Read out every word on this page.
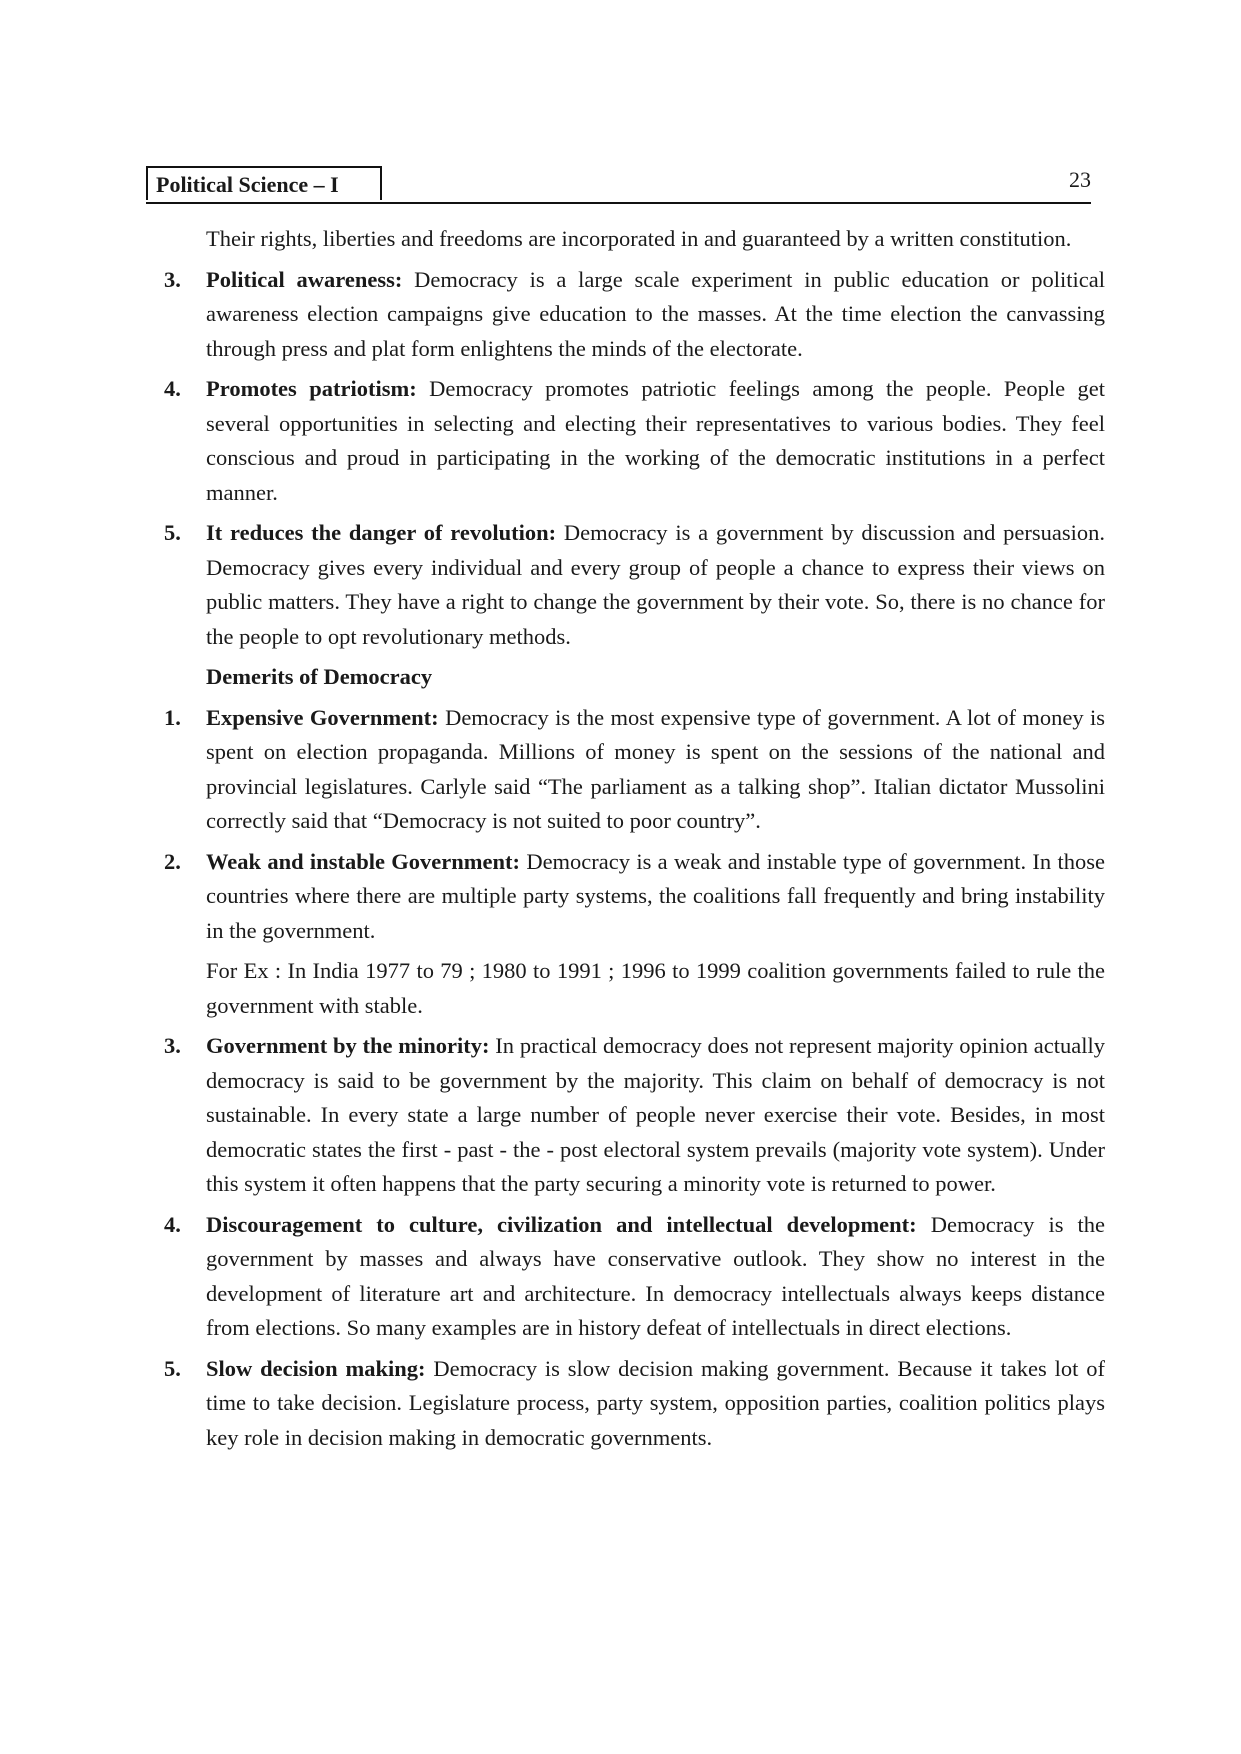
Political Science – I	23

Their rights, liberties and freedoms are incorporated in and guaranteed by a written constitution.

3. Political awareness: Democracy is a large scale experiment in public education or political awareness election campaigns give education to the masses. At the time election the canvassing through press and plat form enlightens the minds of the electorate.
4. Promotes patriotism: Democracy promotes patriotic feelings among the people. People get several opportunities in selecting and electing their representatives to various bodies. They feel conscious and proud in participating in the working of the democratic institutions in a perfect manner.
5. It reduces the danger of revolution: Democracy is a government by discussion and persuasion. Democracy gives every individual and every group of people a chance to express their views on public matters. They have a right to change the government by their vote. So, there is no chance for the people to opt revolutionary methods.
Demerits of Democracy
1. Expensive Government: Democracy is the most expensive type of government. A lot of money is spent on election propaganda. Millions of money is spent on the sessions of the national and provincial legislatures. Carlyle said “The parliament as a talking shop”. Italian dictator Mussolini correctly said that “Democracy is not suited to poor country”.
2. Weak and instable Government: Democracy is a weak and instable type of government. In those countries where there are multiple party systems, the coalitions fall frequently and bring instability in the government.

For Ex : In India 1977 to 79 ; 1980 to 1991 ; 1996 to 1999 coalition governments failed to rule the government with stable.

3. Government by the minority: In practical democracy does not represent majority opinion actually democracy is said to be government by the majority. This claim on behalf of democracy is not sustainable. In every state a large number of people never exercise their vote. Besides, in most democratic states the first - past - the - post electoral system prevails (majority vote system). Under this system it often happens that the party securing a minority vote is returned to power.
4. Discouragement to culture, civilization and intellectual development: Democracy is the government by masses and always have conservative outlook. They show no interest in the development of literature art and architecture. In democracy intellectuals always keeps distance from elections. So many examples are in history defeat of intellectuals in direct elections.
5. Slow decision making: Democracy is slow decision making government. Because it takes lot of time to take decision. Legislature process, party system, opposition parties, coalition politics plays key role in decision making in democratic governments.
